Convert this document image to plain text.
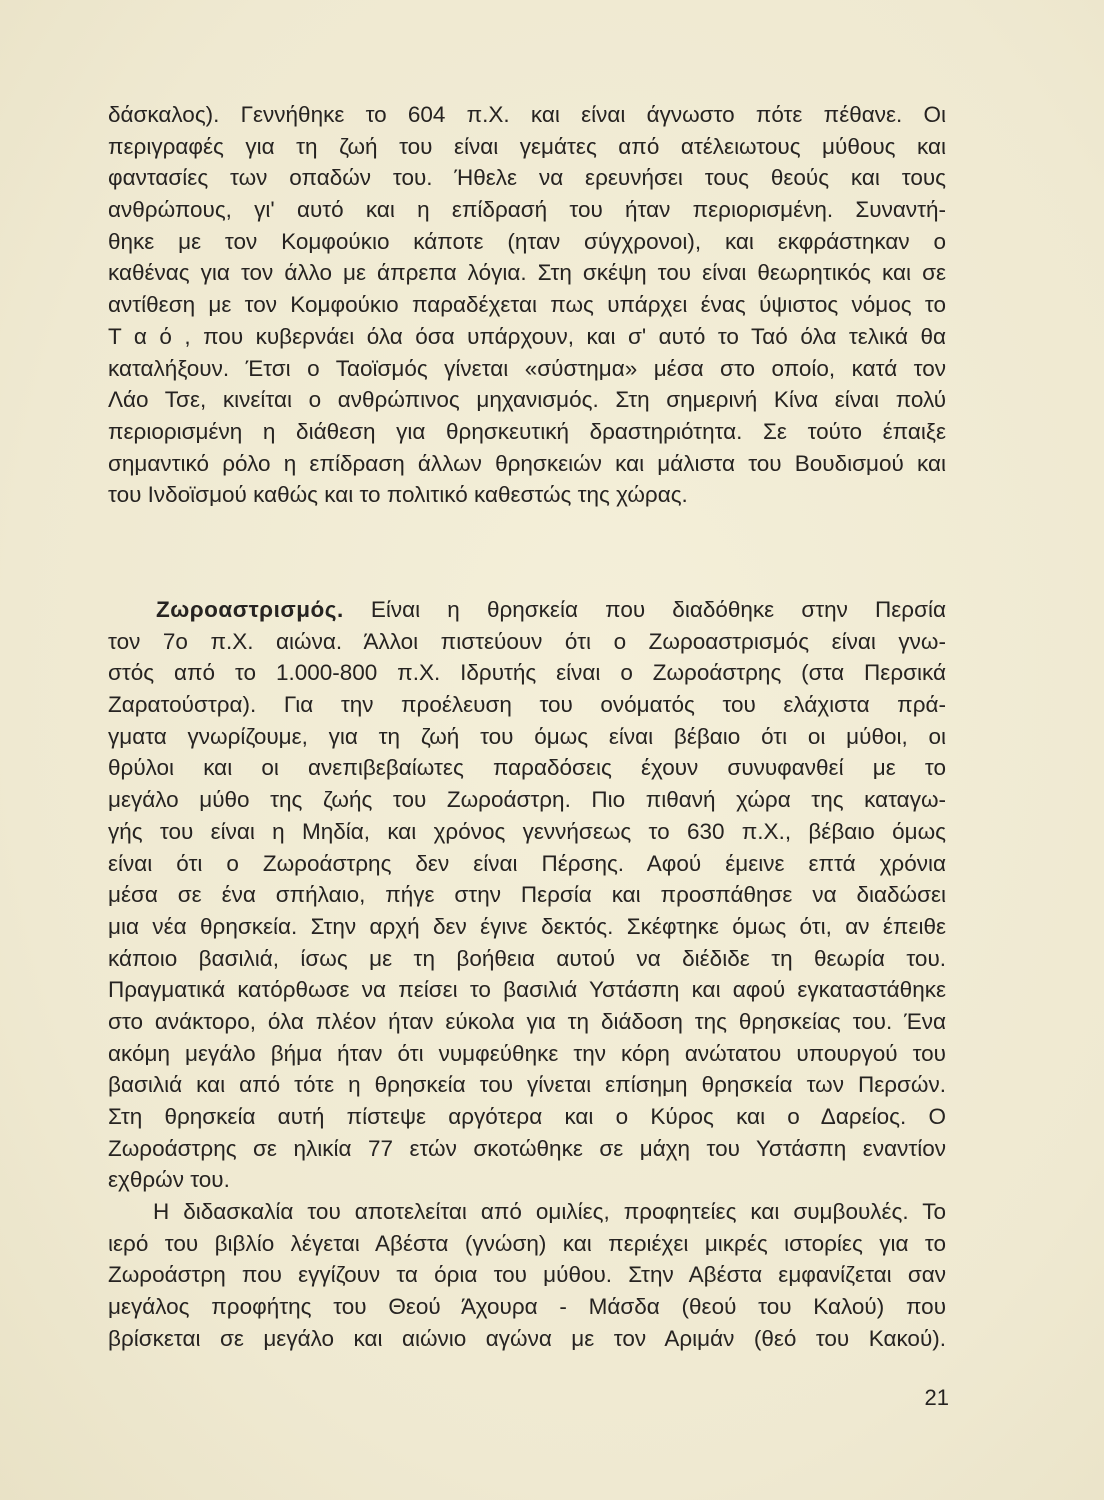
δάσκαλος). Γεννήθηκε το 604 π.Χ. και είναι άγνωστο πότε πέθανε. Οι
περιγραφές για τη ζωή του είναι γεμάτες από ατέλειωτους μύθους και
φαντασίες των οπαδών του. Ήθελε να ερευνήσει τους θεούς και τους
ανθρώπους, γι' αυτό και η επίδρασή του ήταν περιορισμένη. Συναντή-
θηκε με τον Κομφούκιο κάποτε (ηταν σύγχρονοι), και εκφράστηκαν ο
καθένας για τον άλλο με άπρεπα λόγια. Στη σκέψη του είναι θεωρητικός και σε
αντίθεση με τον Κομφούκιο παραδέχεται πως υπάρχει ένας ύψιστος νόμος το
Τ α ό , που κυβερνάει όλα όσα υπάρχουν, και σ' αυτό το Ταό όλα τελικά θα
καταλήξουν. Έτσι ο Ταοϊσμός γίνεται «σύστημα» μέσα στο οποίο, κατά τον
Λάο Τσε, κινείται ο ανθρώπινος μηχανισμός. Στη σημερινή Κίνα είναι πολύ
περιορισμένη η διάθεση για θρησκευτική δραστηριότητα. Σε τούτο έπαιξε
σημαντικό ρόλο η επίδραση άλλων θρησκειών και μάλιστα του Βουδισμού και
του Ινδοϊσμού καθώς και το πολιτικό καθεστώς της χώρας.
Ζωροαστρισμός. Είναι η θρησκεία που διαδόθηκε στην Περσία
τον 7ο π.Χ. αιώνα. Άλλοι πιστεύουν ότι ο Ζωροαστρισμός είναι γνω-
στός από το 1.000-800 π.Χ. Ιδρυτής είναι ο Ζωροάστρης (στα Περσικά
Ζαρατούστρα). Για την προέλευση του ονόματός του ελάχιστα πρά-
γματα γνωρίζουμε, για τη ζωή του όμως είναι βέβαιο ότι οι μύθοι, οι
θρύλοι και οι ανεπιβεβαίωτες παραδόσεις έχουν συνυφανθεί με το
μεγάλο μύθο της ζωής του Ζωροάστρη. Πιο πιθανή χώρα της καταγω-
γής του είναι η Μηδία, και χρόνος γεννήσεως το 630 π.Χ., βέβαιο όμως
είναι ότι ο Ζωροάστρης δεν είναι Πέρσης. Αφού έμεινε επτά χρόνια
μέσα σε ένα σπήλαιο, πήγε στην Περσία και προσπάθησε να διαδώσει
μια νέα θρησκεία. Στην αρχή δεν έγινε δεκτός. Σκέφτηκε όμως ότι, αν έπειθε
κάποιο βασιλιά, ίσως με τη βοήθεια αυτού να διέδιδε τη θεωρία του.
Πραγματικά κατόρθωσε να πείσει το βασιλιά Υστάσπη και αφού εγκαταστάθηκε
στο ανάκτορο, όλα πλέον ήταν εύκολα για τη διάδοση της θρησκείας του. Ένα
ακόμη μεγάλο βήμα ήταν ότι νυμφεύθηκε την κόρη ανώτατου υπουργού του
βασιλιά και από τότε η θρησκεία του γίνεται επίσημη θρησκεία των Περσών.
Στη θρησκεία αυτή πίστεψε αργότερα και ο Κύρος και ο Δαρείος. Ο
Ζωροάστρης σε ηλικία 77 ετών σκοτώθηκε σε μάχη του Υστάσπη εναντίον
εχθρών του.
Η διδασκαλία του αποτελείται από ομιλίες, προφητείες και συμβουλές. Το
ιερό του βιβλίο λέγεται Αβέστα (γνώση) και περιέχει μικρές ιστορίες για το
Ζωροάστρη που εγγίζουν τα όρια του μύθου. Στην Αβέστα εμφανίζεται σαν
μεγάλος προφήτης του Θεού Άχουρα - Μάσδα (θεού του Καλού) που
βρίσκεται σε μεγάλο και αιώνιο αγώνα με τον Αριμάν (θεό του Κακού).
21
